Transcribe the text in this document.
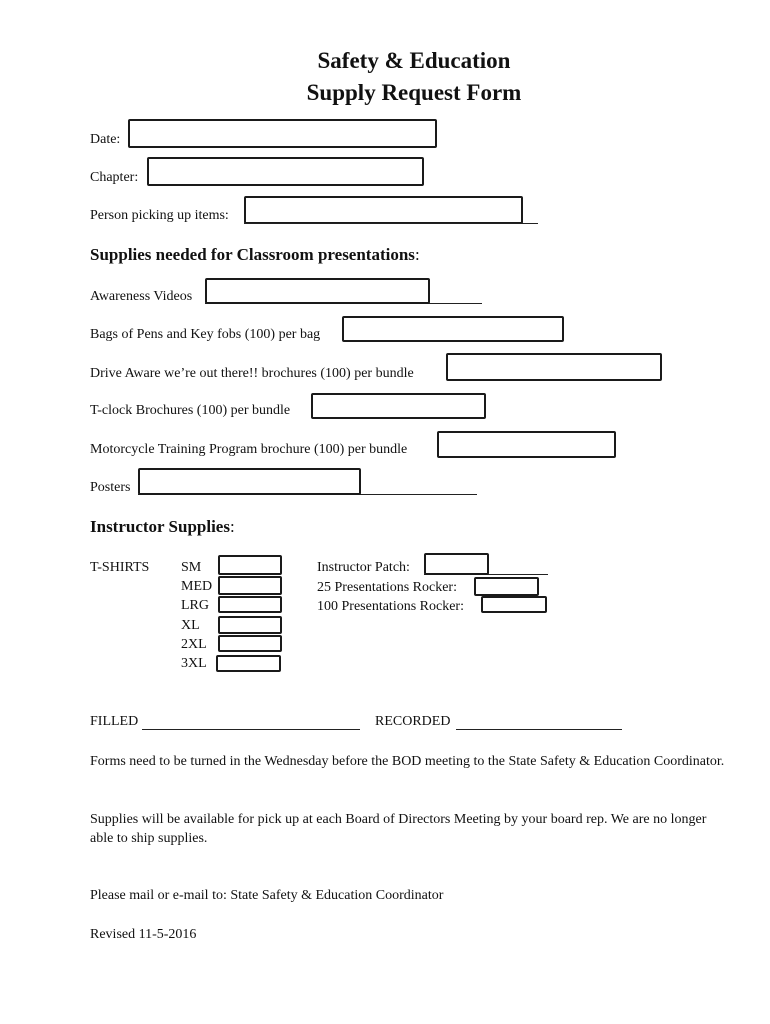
Safety & Education
Supply Request Form
Date:
Chapter:
Person picking up items:
Supplies needed for Classroom presentations:
Awareness Videos
Bags of Pens and Key fobs (100) per bag
Drive Aware we’re out there!! brochures (100) per bundle
T-clock Brochures (100) per bundle
Motorcycle Training Program brochure (100) per bundle
Posters
Instructor Supplies:
T-SHIRTS SM
MED
LRG
XL
2XL
3XL
Instructor Patch:
25 Presentations Rocker:
100 Presentations Rocker:
FILLED	RECORDED
Forms need to be turned in the Wednesday before the BOD meeting to the State Safety & Education Coordinator.
Supplies will be available for pick up at each Board of Directors Meeting by your board rep. We are no longer able to ship supplies.
Please mail or e-mail to: State Safety & Education Coordinator
Revised 11-5-2016
